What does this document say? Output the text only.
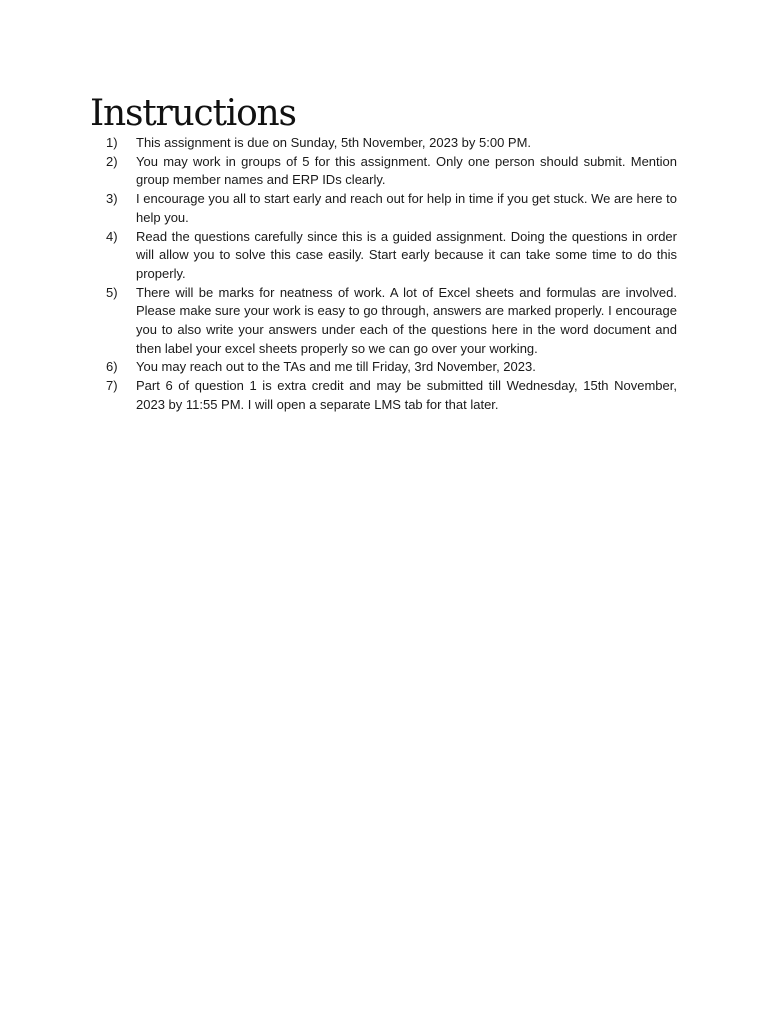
Instructions
1)	This assignment is due on Sunday, 5th November, 2023 by 5:00 PM.
2)	You may work in groups of 5 for this assignment. Only one person should submit. Mention group member names and ERP IDs clearly.
3)	I encourage you all to start early and reach out for help in time if you get stuck. We are here to help you.
4)	Read the questions carefully since this is a guided assignment. Doing the questions in order will allow you to solve this case easily. Start early because it can take some time to do this properly.
5)	There will be marks for neatness of work. A lot of Excel sheets and formulas are involved. Please make sure your work is easy to go through, answers are marked properly. I encourage you to also write your answers under each of the questions here in the word document and then label your excel sheets properly so we can go over your working.
6)	You may reach out to the TAs and me till Friday, 3rd November, 2023.
7)	Part 6 of question 1 is extra credit and may be submitted till Wednesday, 15th November, 2023 by 11:55 PM. I will open a separate LMS tab for that later.
